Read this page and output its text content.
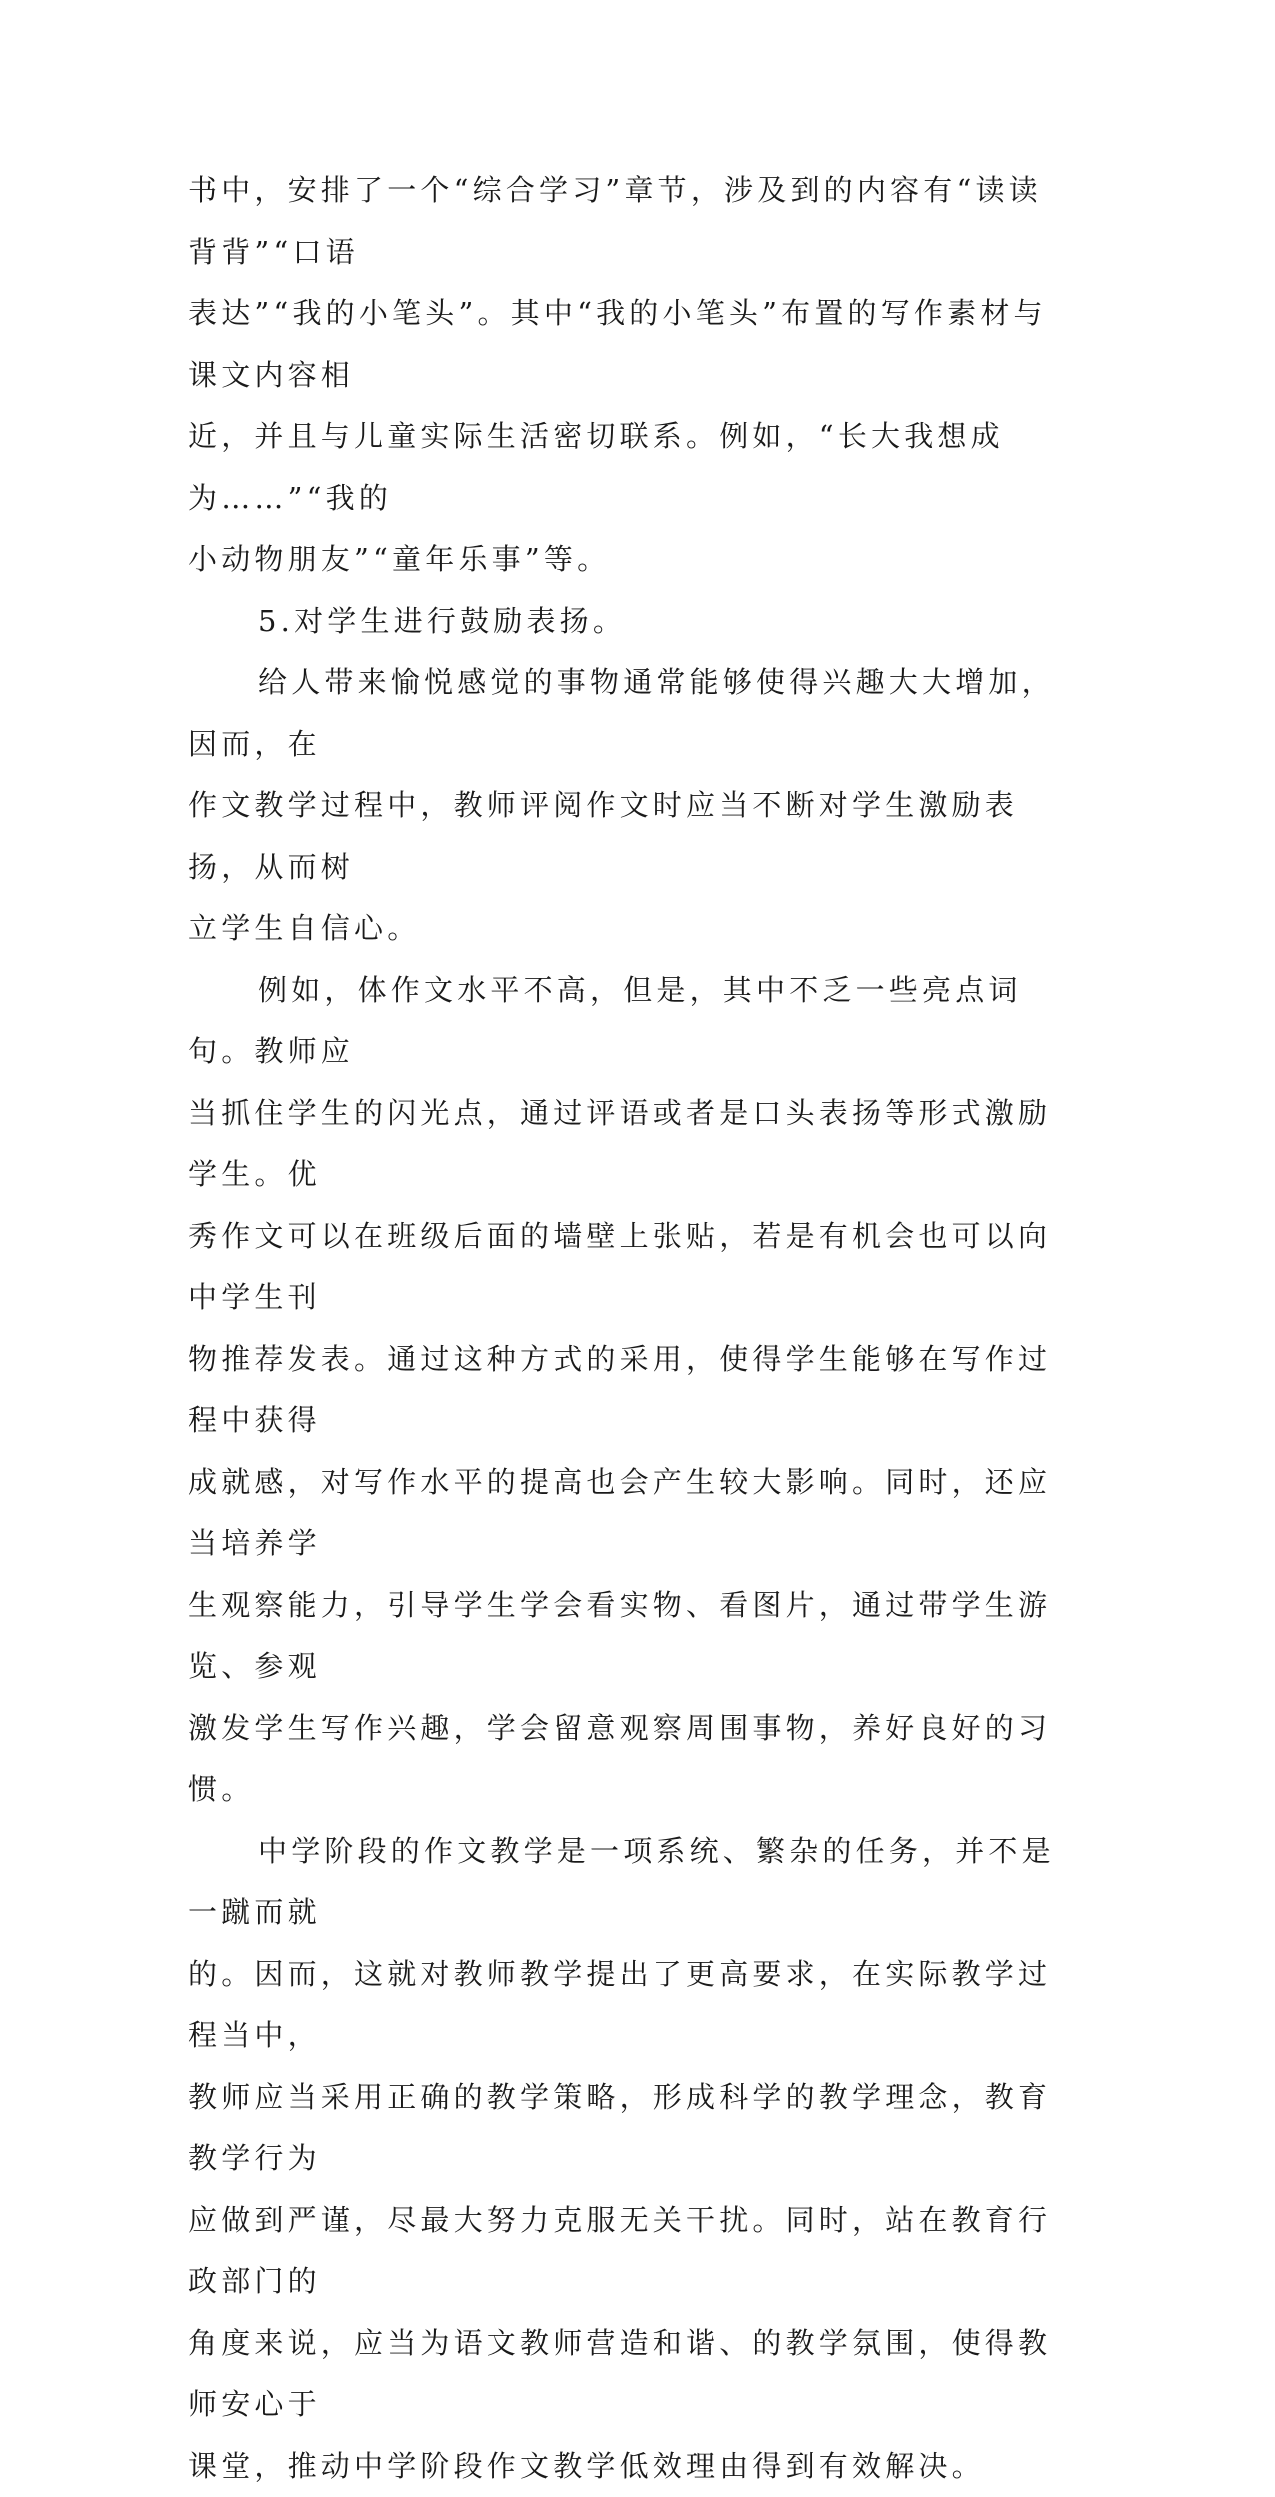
书中，安排了一个“综合学习”章节，涉及到的内容有“读读背背”“口语
表达”“我的小笔头”。其中“我的小笔头”布置的写作素材与课文内容相
近，并且与儿童实际生活密切联系。例如，“长大我想成为……”“我的
小动物朋友”“童年乐事”等。

5.对学生进行鼓励表扬。

给人带来愉悦感觉的事物通常能够使得兴趣大大增加，因而，在
作文教学过程中，教师评阅作文时应当不断对学生激励表扬，从而树
立学生自信心。

例如，体作文水平不高，但是，其中不乏一些亮点词句。教师应
当抓住学生的闪光点，通过评语或者是口头表扬等形式激励学生。优
秀作文可以在班级后面的墙壁上张贴，若是有机会也可以向中学生刊
物推荐发表。通过这种方式的采用，使得学生能够在写作过程中获得
成就感，对写作水平的提高也会产生较大影响。同时，还应当培养学
生观察能力，引导学生学会看实物、看图片，通过带学生游览、参观
激发学生写作兴趣，学会留意观察周围事物，养好良好的习惯。

中学阶段的作文教学是一项系统、繁杂的任务，并不是一蹴而就
的。因而，这就对教师教学提出了更高要求，在实际教学过程当中，
教师应当采用正确的教学策略，形成科学的教学理念，教育教学行为
应做到严谨，尽最大努力克服无关干扰。同时，站在教育行政部门的
角度来说，应当为语文教师营造和谐、的教学氛围，使得教师安心于
课堂，推动中学阶段作文教学低效理由得到有效解决。
